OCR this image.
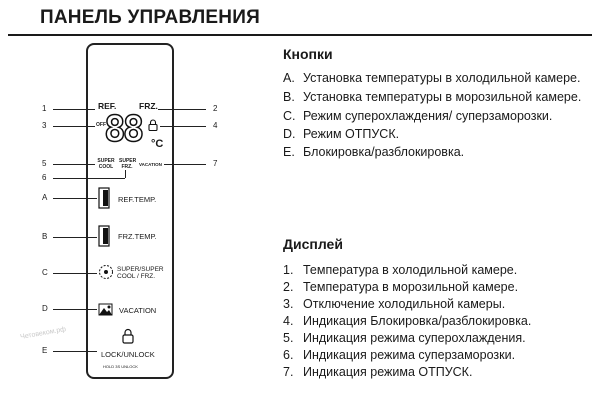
ПАНЕЛЬ УПРАВЛЕНИЯ
REF.	FRZ.
OFF
88 °C
SUPER COOL
SUPER FRZ.	VACATION
REF.TEMP.
FRZ.TEMP.
SUPER/SUPER
COOL / FRZ.
VACATION
LOCK/UNLOCK
HOLD 3S UNLOCK
1
3
5
6
A
B
C
D
E
2
4
7
Четовеком.рф
Кнопки
A. Установка температуры в холодильной камере.
B. Установка температуры в морозильной камере.
C. Режим суперохлаждения/ суперзаморозки.
D. Режим ОТПУСК.
E. Блокировка/разблокировка.
Дисплей
1. Температура в холодильной камере.
2. Температура в морозильной камере.
3. Отключение холодильной камеры.
4. Индикация Блокировка/разблокировка.
5. Индикация режима суперохлаждения.
6. Индикация режима суперзаморозки.
7. Индикация режима ОТПУСК.
